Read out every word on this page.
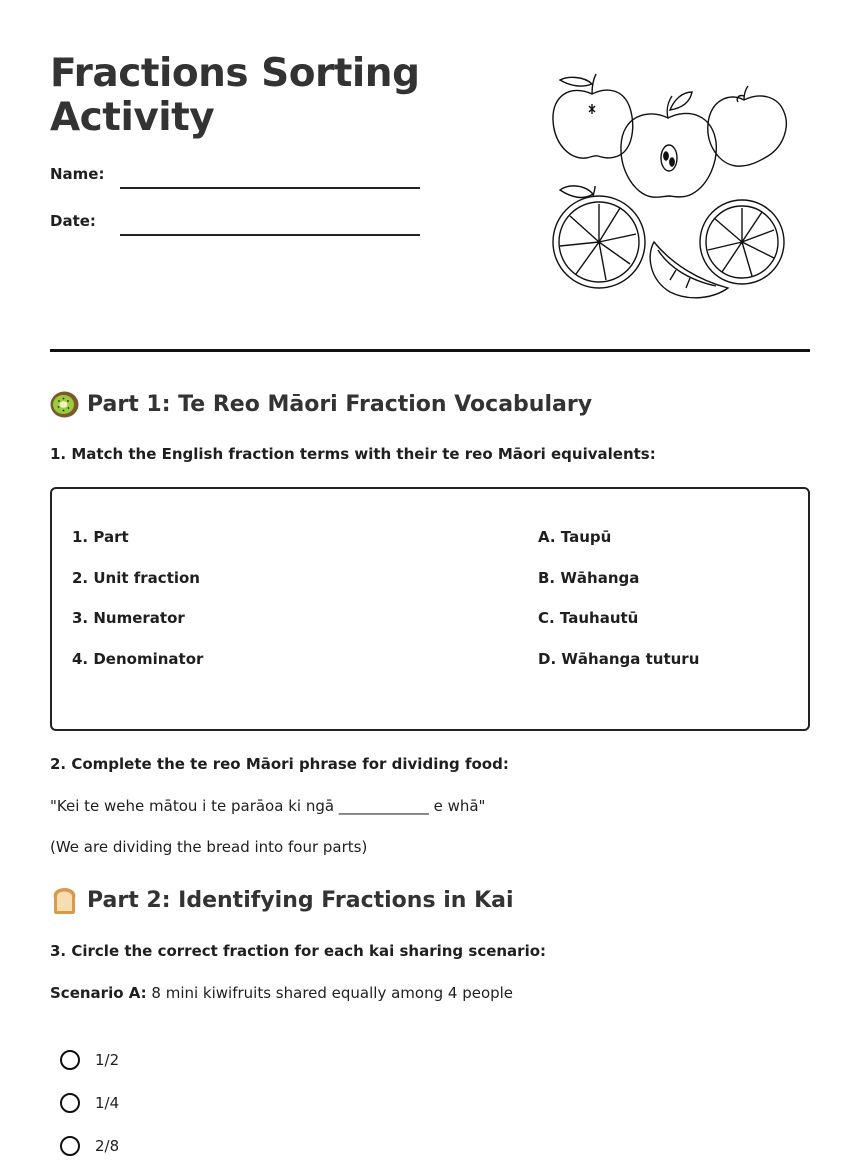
Fractions Sorting Activity
Name:
Date:
Part 1: Te Reo Māori Fraction Vocabulary
1. Match the English fraction terms with their te reo Māori equivalents:
1. Part
2. Unit fraction
3. Numerator
4. Denominator
A. Taupū
B. Wāhanga
C. Tauhautū
D. Wāhanga tuturu
2. Complete the te reo Māori phrase for dividing food:
"Kei te wehe mātou i te parāoa ki ngā ____________ e whā"
(We are dividing the bread into four parts)
Part 2: Identifying Fractions in Kai
3. Circle the correct fraction for each kai sharing scenario:
Scenario A: 8 mini kiwifruits shared equally among 4 people
1/2
1/4
2/8
